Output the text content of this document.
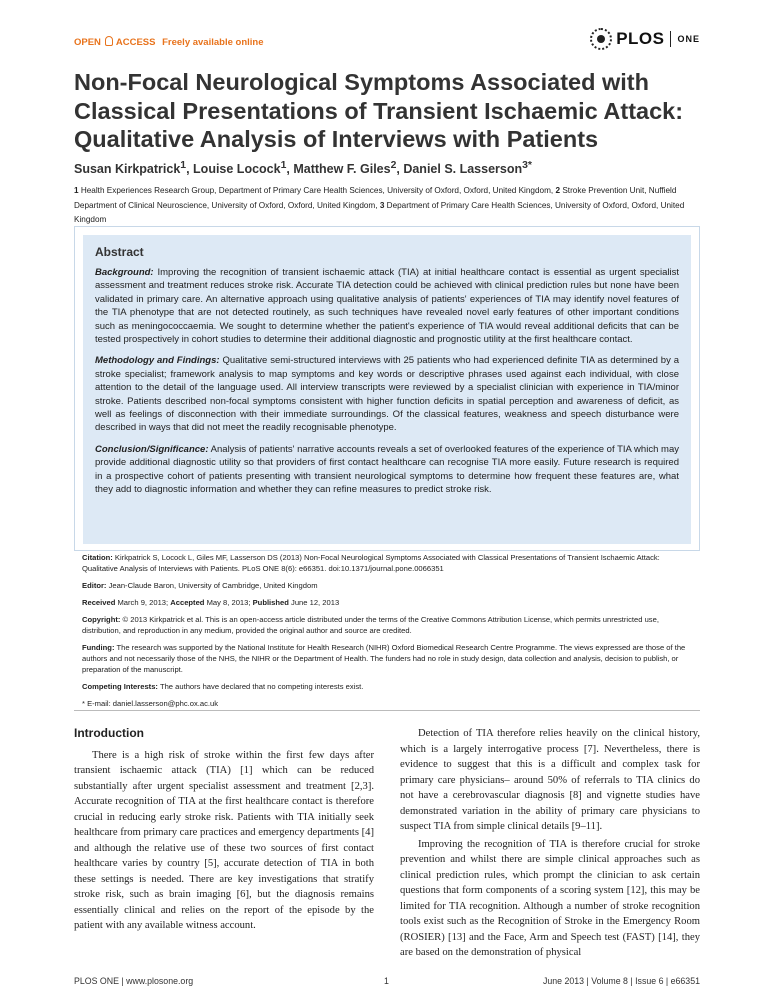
OPEN ACCESS Freely available online	PLOS ONE
Non-Focal Neurological Symptoms Associated with Classical Presentations of Transient Ischaemic Attack: Qualitative Analysis of Interviews with Patients
Susan Kirkpatrick$^1$, Louise Locock$^1$, Matthew F. Giles$^2$, Daniel S. Lasserson$^{3*}$
1 Health Experiences Research Group, Department of Primary Care Health Sciences, University of Oxford, Oxford, United Kingdom, 2 Stroke Prevention Unit, Nuffield Department of Clinical Neuroscience, University of Oxford, Oxford, United Kingdom, 3 Department of Primary Care Health Sciences, University of Oxford, Oxford, United Kingdom
Abstract

Background: Improving the recognition of transient ischaemic attack (TIA) at initial healthcare contact is essential as urgent specialist assessment and treatment reduces stroke risk. Accurate TIA detection could be achieved with clinical prediction rules but none have been validated in primary care. An alternative approach using qualitative analysis of patients' experiences of TIA may identify novel features of the TIA phenotype that are not detected routinely, as such techniques have revealed novel early features of other important conditions such as meningococcaemia. We sought to determine whether the patient's experience of TIA would reveal additional deficits that can be tested prospectively in cohort studies to determine their additional diagnostic and prognostic utility at the first healthcare contact.

Methodology and Findings: Qualitative semi-structured interviews with 25 patients who had experienced definite TIA as determined by a stroke specialist; framework analysis to map symptoms and key words or descriptive phrases used against each individual, with close attention to the detail of the language used. All interview transcripts were reviewed by a specialist clinician with experience in TIA/minor stroke. Patients described non-focal symptoms consistent with higher function deficits in spatial perception and awareness of deficit, as well as feelings of disconnection with their immediate surroundings. Of the classical features, weakness and speech disturbance were described in ways that did not meet the readily recognisable phenotype.

Conclusion/Significance: Analysis of patients' narrative accounts reveals a set of overlooked features of the experience of TIA which may provide additional diagnostic utility so that providers of first contact healthcare can recognise TIA more easily. Future research is required in a prospective cohort of patients presenting with transient neurological symptoms to determine how frequent these features are, what they add to diagnostic information and whether they can refine measures to predict stroke risk.

Citation: Kirkpatrick S, Locock L, Giles MF, Lasserson DS (2013) Non-Focal Neurological Symptoms Associated with Classical Presentations of Transient Ischaemic Attack: Qualitative Analysis of Interviews with Patients. PLoS ONE 8(6): e66351. doi:10.1371/journal.pone.0066351

Editor: Jean-Claude Baron, University of Cambridge, United Kingdom

Received March 9, 2013; Accepted May 8, 2013; Published June 12, 2013

Copyright: © 2013 Kirkpatrick et al. This is an open-access article distributed under the terms of the Creative Commons Attribution License, which permits unrestricted use, distribution, and reproduction in any medium, provided the original author and source are credited.

Funding: The research was supported by the National Institute for Health Research (NIHR) Oxford Biomedical Research Centre Programme. The views expressed are those of the authors and not necessarily those of the NHS, the NIHR or the Department of Health. The funders had no role in study design, data collection and analysis, decision to publish, or preparation of the manuscript.

Competing Interests: The authors have declared that no competing interests exist.

* E-mail: daniel.lasserson@phc.ox.ac.uk

Introduction

There is a high risk of stroke within the first few days after transient ischaemic attack (TIA) [1] which can be reduced substantially after urgent specialist assessment and treatment [2,3]. Accurate recognition of TIA at the first healthcare contact is therefore crucial in reducing early stroke risk. Patients with TIA initially seek healthcare from primary care practices and emergency departments [4] and although the relative use of these two sources of first contact healthcare varies by country [5], accurate detection of TIA in both these settings is needed. There are key investigations that stratify stroke risk, such as brain imaging [6], but the diagnosis remains essentially clinical and relies on the report of the episode by the patient with any available witness account.

Detection of TIA therefore relies heavily on the clinical history, which is a largely interrogative process [7]. Nevertheless, there is evidence to suggest that this is a difficult and complex task for primary care physicians– around 50% of referrals to TIA clinics do not have a cerebrovascular diagnosis [8] and vignette studies have demonstrated variation in the ability of primary care physicians to suspect TIA from simple clinical details [9–11].

Improving the recognition of TIA is therefore crucial for stroke prevention and whilst there are simple clinical approaches such as clinical prediction rules, which prompt the clinician to ask certain questions that form components of a scoring system [12], this may be limited for TIA recognition. Although a number of stroke recognition tools exist such as the Recognition of Stroke in the Emergency Room (ROSIER) [13] and the Face, Arm and Speech test (FAST) [14], they are based on the demonstration of physical

PLOS ONE | www.plosone.org	1	June 2013 | Volume 8 | Issue 6 | e66351
